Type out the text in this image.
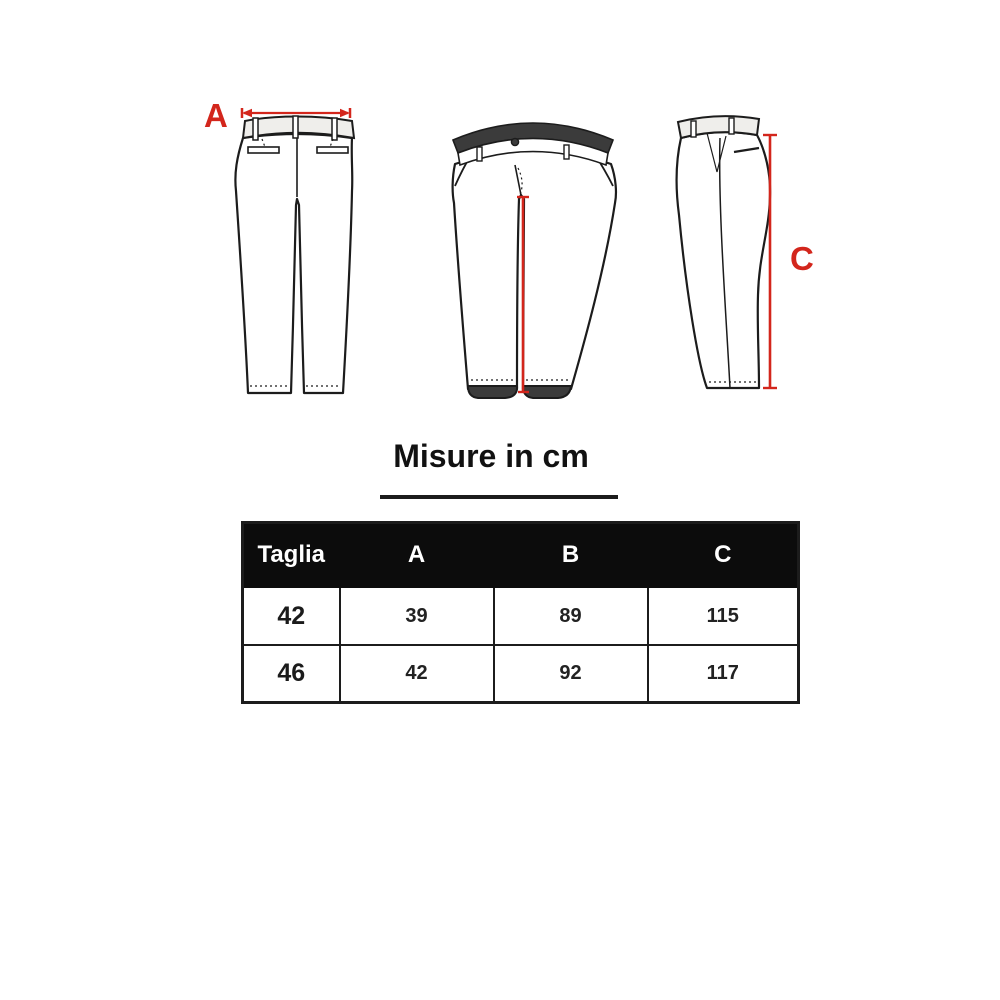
A
C
Misure in cm
Taglia	A	B	C
42	39	89	115
46	42	92	117
